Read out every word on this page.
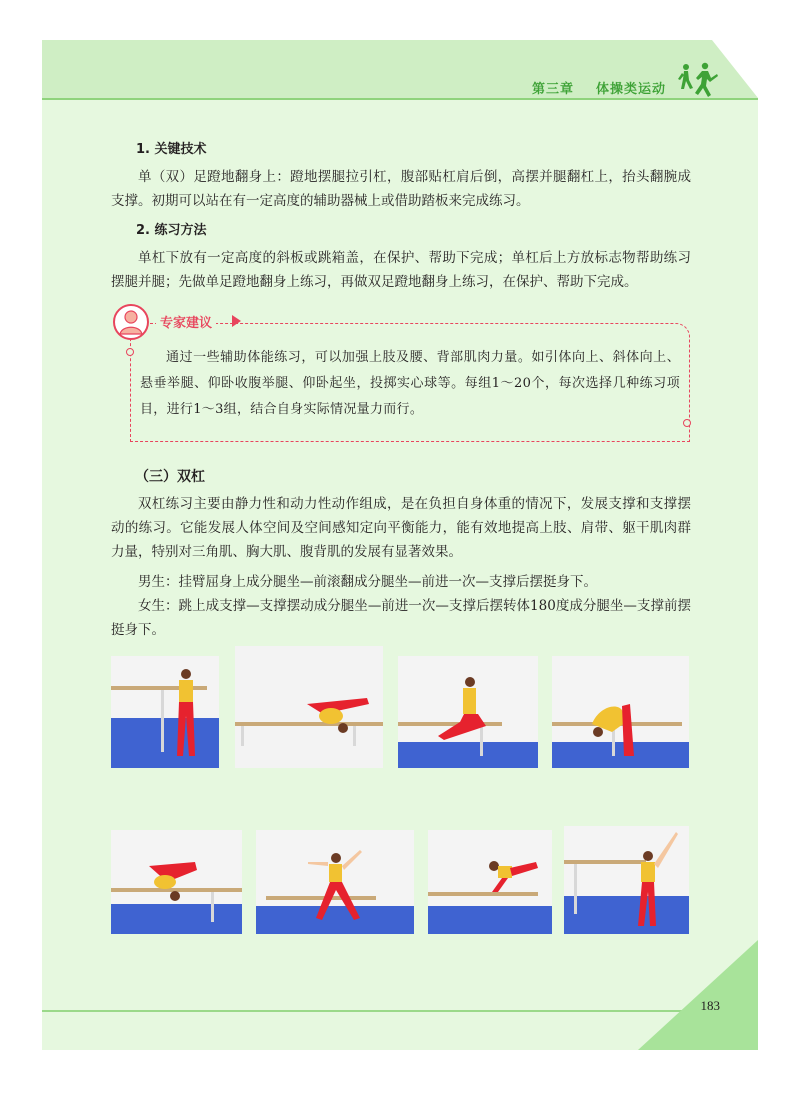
第三章 体操类运动
183
1. 关键技术

单（双）足蹬地翻身上：蹬地摆腿拉引杠，腹部贴杠肩后倒，高摆并腿翻杠上，抬头翻腕成支撑。初期可以站在有一定高度的辅助器械上或借助踏板来完成练习。

2. 练习方法

单杠下放有一定高度的斜板或跳箱盖，在保护、帮助下完成；单杠后上方放标志物帮助练习摆腿并腿；先做单足蹬地翻身上练习，再做双足蹬地翻身上练习，在保护、帮助下完成。

专家建议
通过一些辅助体能练习，可以加强上肢及腰、背部肌肉力量。如引体向上、斜体向上、悬垂举腿、仰卧收腹举腿、仰卧起坐，投掷实心球等。每组1～20个，每次选择几种练习项目，进行1～3组，结合自身实际情况量力而行。
（三）双杠

双杠练习主要由静力性和动力性动作组成，是在负担自身体重的情况下，发展支撑和支撑摆动的练习。它能发展人体空间及空间感知定向平衡能力，能有效地提高上肢、肩带、躯干肌肉群力量，特别对三角肌、胸大肌、腹背肌的发展有显著效果。

男生：挂臂屈身上成分腿坐—前滚翻成分腿坐—前进一次—支撑后摆挺身下。

女生：跳上成支撑—支撑摆动成分腿坐—前进一次—支撑后摆转体180度成分腿坐—支撑前摆挺身下。
